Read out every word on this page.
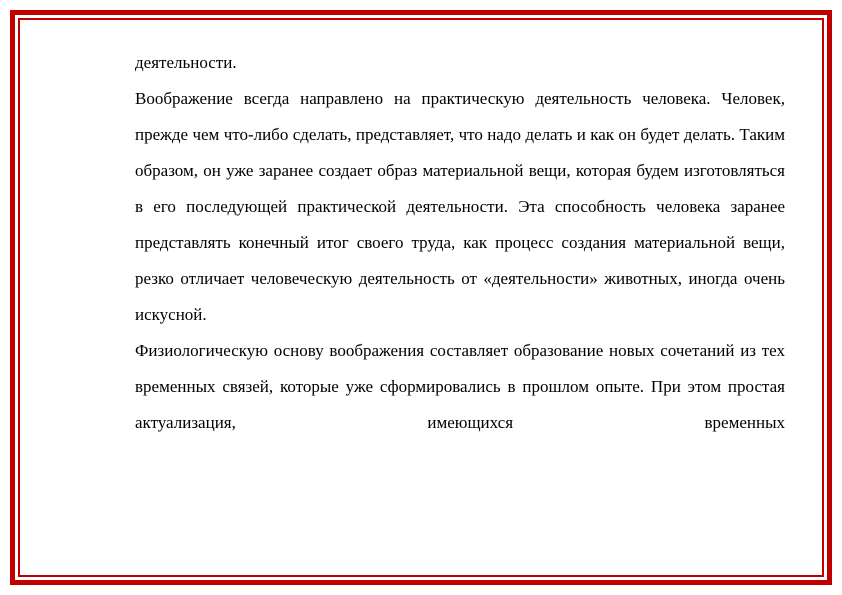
деятельности.

Воображение всегда направлено на практическую деятельность человека. Человек, прежде чем что-либо сделать, представляет, что надо делать и как он будет делать. Таким образом, он уже заранее создает образ материальной вещи, которая будем изготовляться в его последующей практической деятельности. Эта способность человека заранее представлять конечный итог своего труда, как процесс создания материальной вещи, резко отличает человеческую деятельность от «деятельности» животных, иногда очень искусной.

Физиологическую основу воображения составляет образование новых сочетаний из тех временных связей, которые уже сформировались в прошлом опыте. При этом простая актуализация, имеющихся временных
